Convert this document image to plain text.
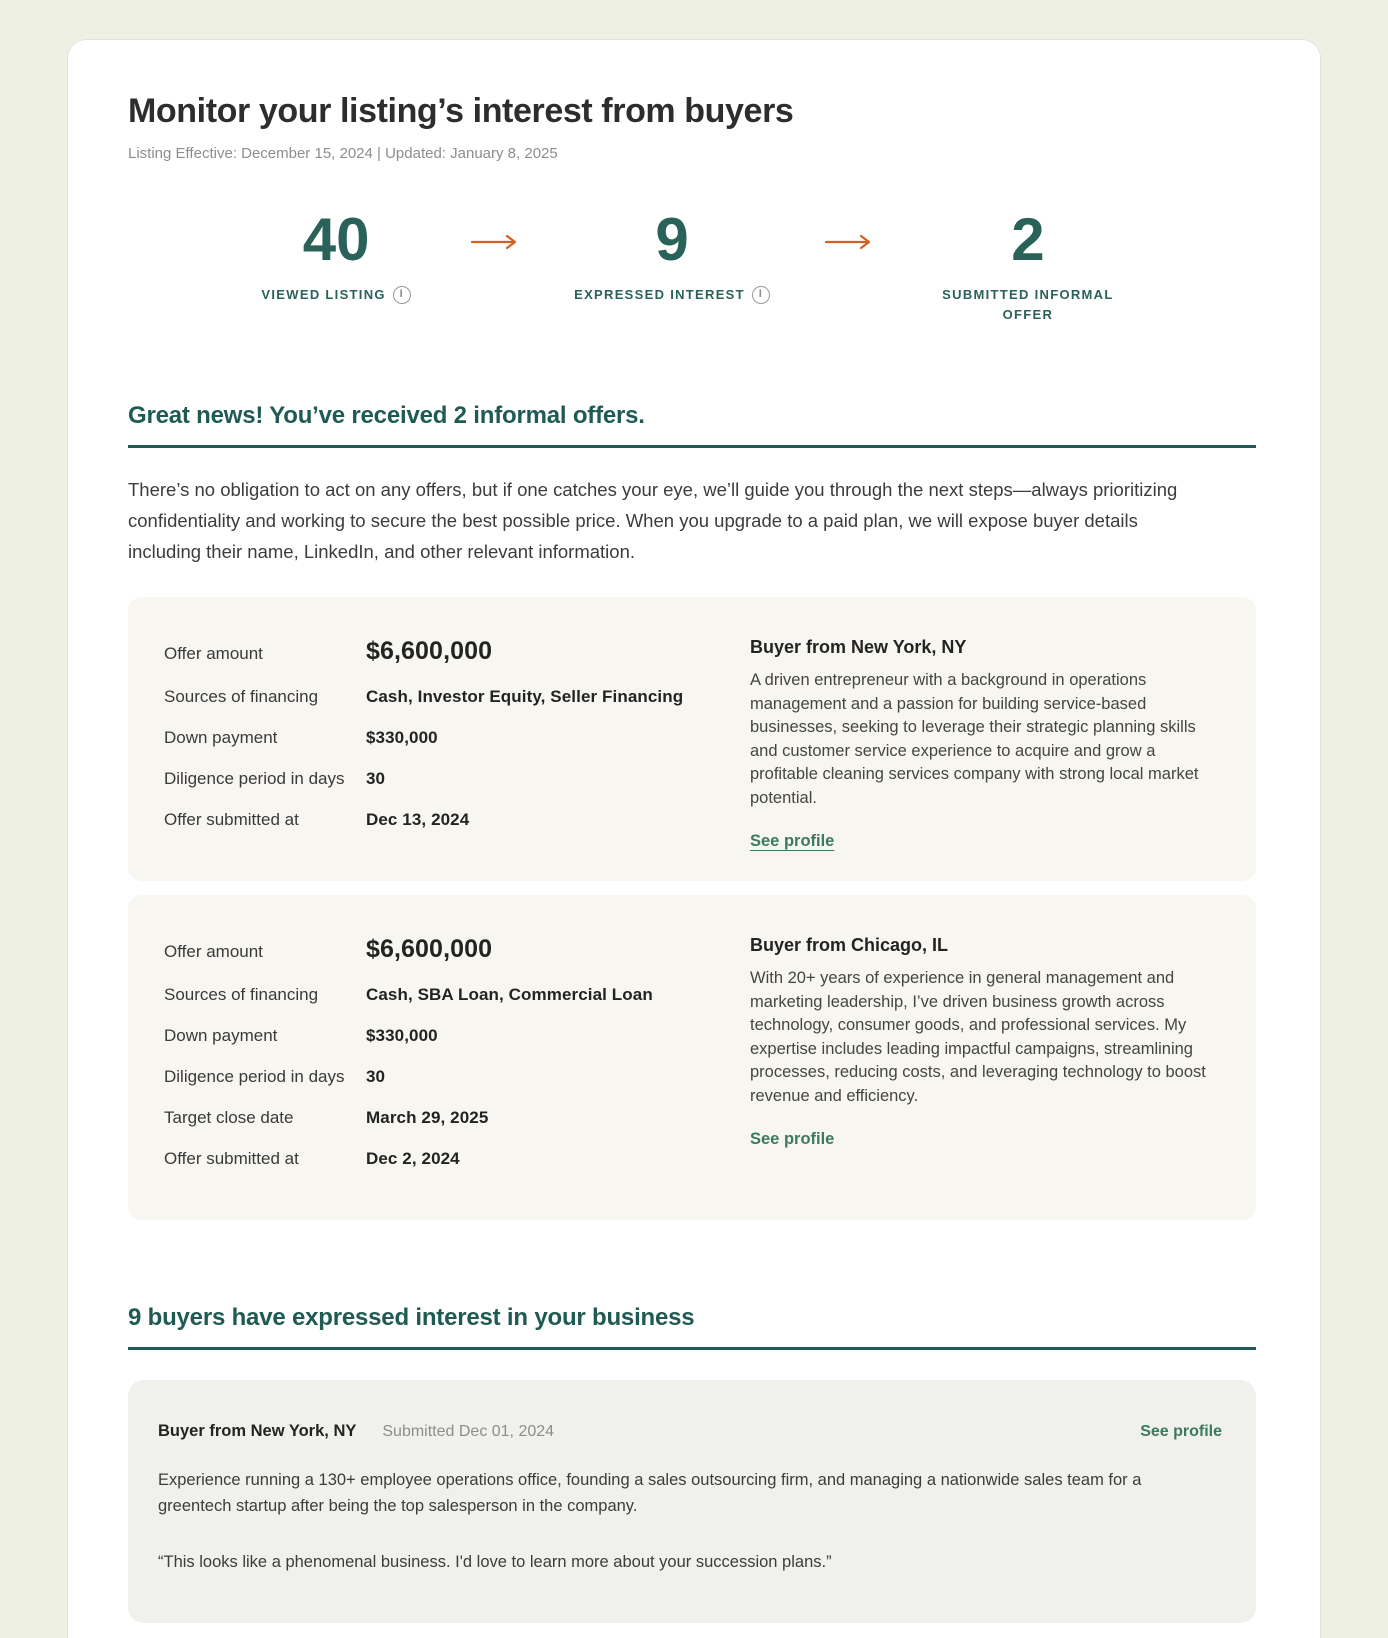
Monitor your listing’s interest from buyers
Listing Effective: December 15, 2024 | Updated: January 8, 2025
40
VIEWED LISTING I
9
EXPRESSED INTEREST I
2
SUBMITTED INFORMAL OFFER
Great news! You’ve received 2 informal offers.

There’s no obligation to act on any offers, but if one catches your eye, we’ll guide you through the next steps—always prioritizing confidentiality and working to secure the best possible price. When you upgrade to a paid plan, we will expose buyer details including their name, LinkedIn, and other relevant information.

Offer amount	$6,600,000
Sources of financing	Cash, Investor Equity, Seller Financing
Down payment	$330,000
Diligence period in days	30
Offer submitted at	Dec 13, 2024
Buyer from New York, NY

A driven entrepreneur with a background in operations management and a passion for building service-based businesses, seeking to leverage their strategic planning skills and customer service experience to acquire and grow a profitable cleaning services company with strong local market potential.

See profile
Offer amount	$6,600,000
Sources of financing	Cash, SBA Loan, Commercial Loan
Down payment	$330,000
Diligence period in days	30
Target close date	March 29, 2025
Offer submitted at	Dec 2, 2024
Buyer from Chicago, IL

With 20+ years of experience in general management and marketing leadership, I’ve driven business growth across technology, consumer goods, and professional services. My expertise includes leading impactful campaigns, streamlining processes, reducing costs, and leveraging technology to boost revenue and efficiency.

See profile
9 buyers have expressed interest in your business
Buyer from New York, NY Submitted Dec 01, 2024	See profile

Experience running a 130+ employee operations office, founding a sales outsourcing firm, and managing a nationwide sales team for a greentech startup after being the top salesperson in the company.

“This looks like a phenomenal business. I'd love to learn more about your succession plans.”
